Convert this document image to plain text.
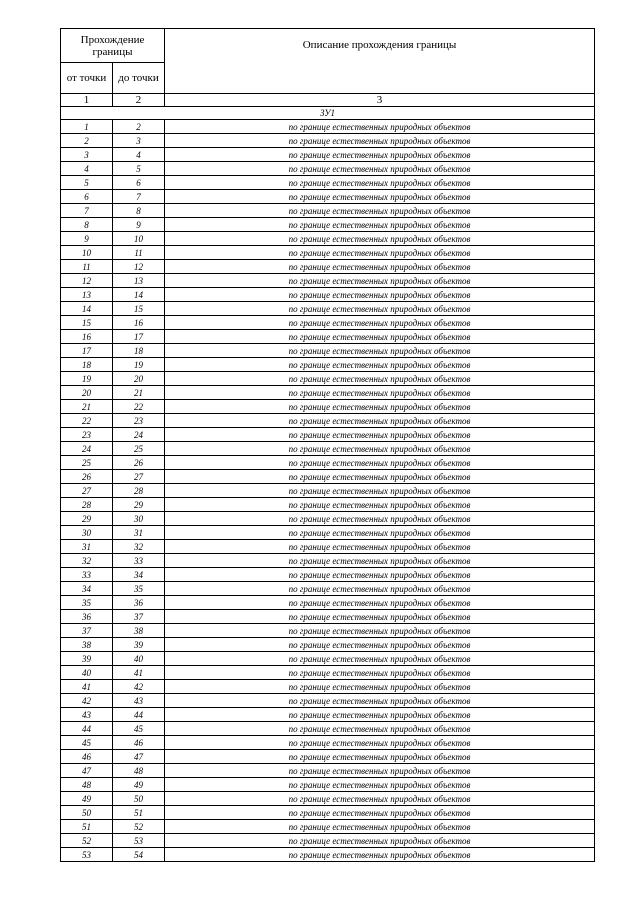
Прохождение границы		Описание прохождения границы
от точки	до точки	
1	2	3
ЗУ1		
1	2	по границе естественных природных объектов
2	3	по границе естественных природных объектов
3	4	по границе естественных природных объектов
4	5	по границе естественных природных объектов
5	6	по границе естественных природных объектов
6	7	по границе естественных природных объектов
7	8	по границе естественных природных объектов
8	9	по границе естественных природных объектов
9	10	по границе естественных природных объектов
10	11	по границе естественных природных объектов
11	12	по границе естественных природных объектов
12	13	по границе естественных природных объектов
13	14	по границе естественных природных объектов
14	15	по границе естественных природных объектов
15	16	по границе естественных природных объектов
16	17	по границе естественных природных объектов
17	18	по границе естественных природных объектов
18	19	по границе естественных природных объектов
19	20	по границе естественных природных объектов
20	21	по границе естественных природных объектов
21	22	по границе естественных природных объектов
22	23	по границе естественных природных объектов
23	24	по границе естественных природных объектов
24	25	по границе естественных природных объектов
25	26	по границе естественных природных объектов
26	27	по границе естественных природных объектов
27	28	по границе естественных природных объектов
28	29	по границе естественных природных объектов
29	30	по границе естественных природных объектов
30	31	по границе естественных природных объектов
31	32	по границе естественных природных объектов
32	33	по границе естественных природных объектов
33	34	по границе естественных природных объектов
34	35	по границе естественных природных объектов
35	36	по границе естественных природных объектов
36	37	по границе естественных природных объектов
37	38	по границе естественных природных объектов
38	39	по границе естественных природных объектов
39	40	по границе естественных природных объектов
40	41	по границе естественных природных объектов
41	42	по границе естественных природных объектов
42	43	по границе естественных природных объектов
43	44	по границе естественных природных объектов
44	45	по границе естественных природных объектов
45	46	по границе естественных природных объектов
46	47	по границе естественных природных объектов
47	48	по границе естественных природных объектов
48	49	по границе естественных природных объектов
49	50	по границе естественных природных объектов
50	51	по границе естественных природных объектов
51	52	по границе естественных природных объектов
52	53	по границе естественных природных объектов
53	54	по границе естественных природных объектов
